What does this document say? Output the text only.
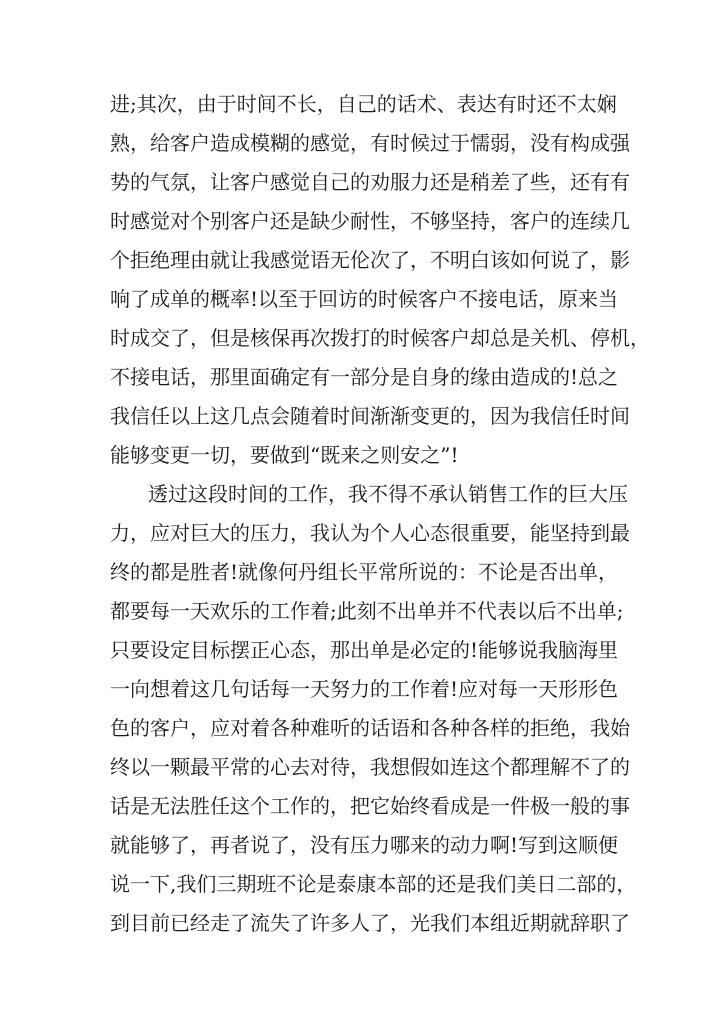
进;其次，由于时间不长，自己的话术、表达有时还不太娴
熟，给客户造成模糊的感觉，有时候过于懦弱，没有构成强
势的气氛，让客户感觉自己的劝服力还是稍差了些，还有有
时感觉对个别客户还是缺少耐性，不够坚持，客户的连续几
个拒绝理由就让我感觉语无伦次了，不明白该如何说了，影
响了成单的概率!以至于回访的时候客户不接电话，原来当
时成交了，但是核保再次拨打的时候客户却总是关机、停机，
不接电话，那里面确定有一部分是自身的缘由造成的!总之
我信任以上这几点会随着时间渐渐变更的，因为我信任时间
能够变更一切，要做到“既来之则安之”!
透过这段时间的工作，我不得不承认销售工作的巨大压
力，应对巨大的压力，我认为个人心态很重要，能坚持到最
终的都是胜者!就像何丹组长平常所说的：不论是否出单，
都要每一天欢乐的工作着;此刻不出单并不代表以后不出单;
只要设定目标摆正心态，那出单是必定的!能够说我脑海里
一向想着这几句话每一天努力的工作着!应对每一天形形色
色的客户，应对着各种难听的话语和各种各样的拒绝，我始
终以一颗最平常的心去对待，我想假如连这个都理解不了的
话是无法胜任这个工作的，把它始终看成是一件极一般的事
就能够了，再者说了，没有压力哪来的动力啊!写到这顺便
说一下,我们三期班不论是泰康本部的还是我们美日二部的，
到目前已经走了流失了许多人了，光我们本组近期就辞职了
